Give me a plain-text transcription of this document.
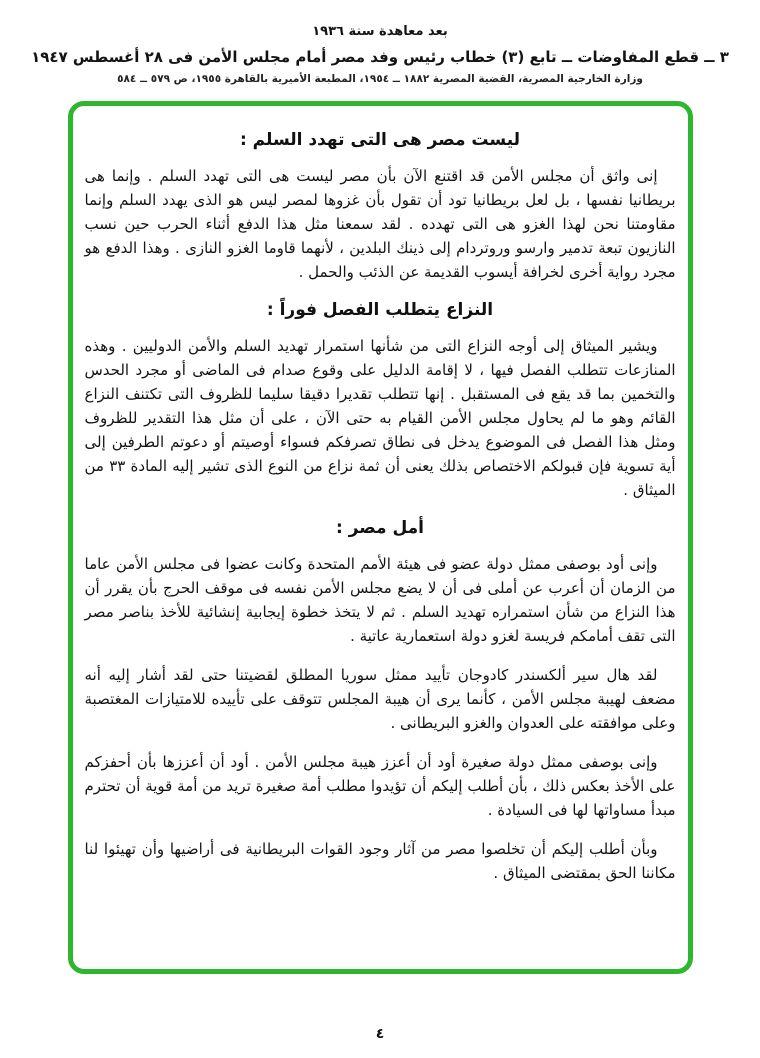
بعد معاهدة سنة ١٩٣٦
٣ ــ قطع المفاوضات ــ تابع (٣) خطاب رئيس وفد مصر أمام مجلس الأمن فى ٢٨ أغسطس ١٩٤٧
وزارة الخارجية المصرية، القضية المصرية ١٨٨٢ ــ ١٩٥٤، المطبعة الأميرية بالقاهرة ١٩٥٥، ص ٥٧٩ ــ ٥٨٤
ليست مصر هى التى تهدد السلم :

إنى واثق أن مجلس الأمن قد اقتنع الآن بأن مصر ليست هى التى تهدد السلم . وإنما هى بريطانيا نفسها ، بل لعل بريطانيا تود أن تقول بأن غزوها لمصر ليس هو الذى يهدد السلم وإنما مقاومتنا نحن لهذا الغزو هى التى تهدده . لقد سمعنا مثل هذا الدفع أثناء الحرب حين نسب النازيون تبعة تدمير وارسو وروتردام إلى ذينك البلدين ، لأنهما قاوما الغزو النازى . وهذا الدفع هو مجرد رواية أخرى لخرافة أيسوب القديمة عن الذئب والحمل .

النزاع يتطلب الفصل فوراً :

ويشير الميثاق إلى أوجه النزاع التى من شأنها استمرار تهديد السلم والأمن الدوليين . وهذه المنازعات تتطلب الفصل فيها ، لا إقامة الدليل على وقوع صدام فى الماضى أو مجرد الحدس والتخمين بما قد يقع فى المستقبل . إنها تتطلب تقديرا دقيقا سليما للظروف التى تكتنف النزاع القائم وهو ما لم يحاول مجلس الأمن القيام به حتى الآن ، على أن مثل هذا التقدير للظروف ومثل هذا الفصل فى الموضوع يدخل فى نطاق تصرفكم فسواء أوصيتم أو دعوتم الطرفين إلى أية تسوية فإن قبولكم الاختصاص بذلك يعنى أن ثمة نزاع من النوع الذى تشير إليه المادة ٣٣ من الميثاق .

أمل مصر :

وإنى أود بوصفى ممثل دولة عضو فى هيئة الأمم المتحدة وكانت عضوا فى مجلس الأمن عاما من الزمان أن أعرب عن أملى فى أن لا يضع مجلس الأمن نفسه فى موقف الحرج بأن يقرر أن هذا النزاع من شأن استمراره تهديد السلم . ثم لا يتخذ خطوة إيجابية إنشائية للأخذ بناصر مصر التى تقف أمامكم فريسة لغزو دولة استعمارية عاتية .

لقد هال سير ألكسندر كادوجان تأييد ممثل سوريا المطلق لقضيتنا حتى لقد أشار إليه أنه مضعف لهيبة مجلس الأمن ، كأنما يرى أن هيبة المجلس تتوقف على تأييده للامتيازات المغتصبة وعلى موافقته على العدوان والغزو البريطانى .

وإنى بوصفى ممثل دولة صغيرة أود أن أعزز هيبة مجلس الأمن . أود أن أعززها بأن أحفزكم على الأخذ بعكس ذلك ، بأن أطلب إليكم أن تؤيدوا مطلب أمة صغيرة تريد من أمة قوية أن تحترم مبدأ مساواتها لها فى السيادة .

وبأن أطلب إليكم أن تخلصوا مصر من آثار وجود القوات البريطانية فى أراضيها وأن تهيئوا لنا مكاننا الحق بمقتضى الميثاق .

٤
